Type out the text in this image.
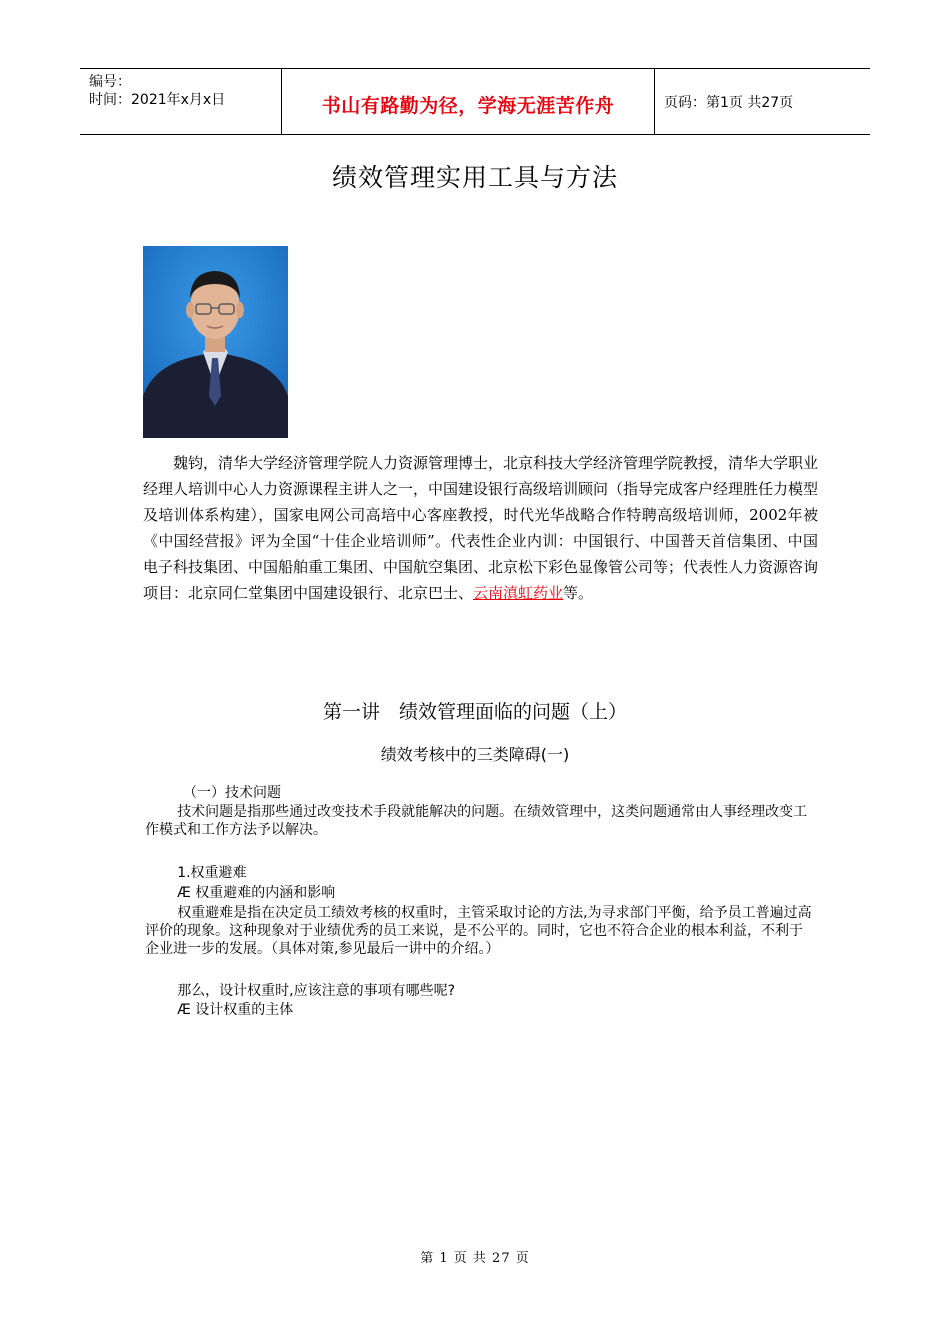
编号：
时间：2021年x月x日	书山有路勤为径，学海无涯苦作舟	页码：第1页 共27页
绩效管理实用工具与方法
魏钧，清华大学经济管理学院人力资源管理博士，北京科技大学经济管理学院教授，清华大学职业经理人培训中心人力资源课程主讲人之一，中国建设银行高级培训顾问（指导完成客户经理胜任力模型及培训体系构建），国家电网公司高培中心客座教授，时代光华战略合作特聘高级培训师，2002年被《中国经营报》评为全国“十佳企业培训师”。代表性企业内训：中国银行、中国普天首信集团、中国电子科技集团、中国船舶重工集团、中国航空集团、北京松下彩色显像管公司等；代表性人力资源咨询项目：北京同仁堂集团中国建设银行、北京巴士、云南滇虹药业等。
第一讲　绩效管理面临的问题（上）
绩效考核中的三类障碍(一)
（一）技术问题
技术问题是指那些通过改变技术手段就能解决的问题。在绩效管理中，这类问题通常由人事经理改变工作模式和工作方法予以解决。
1.权重避难
Æ 权重避难的内涵和影响
权重避难是指在决定员工绩效考核的权重时，主管采取讨论的方法,为寻求部门平衡，给予员工普遍过高评价的现象。这种现象对于业绩优秀的员工来说，是不公平的。同时，它也不符合企业的根本利益，不利于企业进一步的发展。（具体对策,参见最后一讲中的介绍。）
那么，设计权重时,应该注意的事项有哪些呢?
Æ 设计权重的主体
第 1 页 共 27 页
